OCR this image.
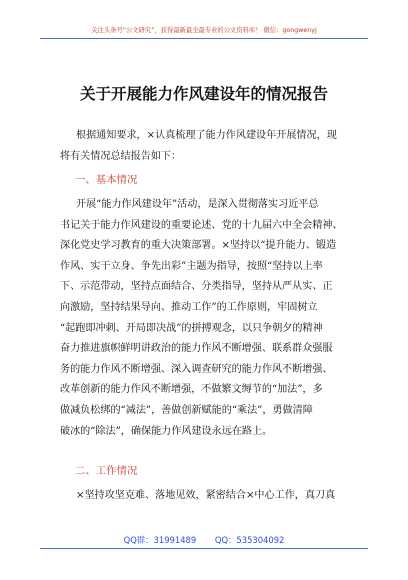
关注头条号“公文研究”，获得最新最全最专业的公文资料库！ 微信：gongwenyj
关于开展能力作风建设年的情况报告
根据通知要求，×认真梳理了能力作风建设年开展情况，现
将有关情况总结报告如下：
一、基本情况
开展“能力作风建设年”活动，是深入贯彻落实习近平总
书记关于能力作风建设的重要论述、党的十九届六中全会精神、
深化党史学习教育的重大决策部署。×坚持以“提升能力、锻造
作风、实干立身、争先出彩”主题为指导，按照“坚持以上率
下、示范带动，坚持点面结合、分类指导，坚持从严从实、正
向激励，坚持结果导向、推动工作”的工作原则，牢固树立
“起跑即冲刺、开局即决战”的拼搏观念，以只争朝夕的精神
奋力推进旗帜鲜明讲政治的能力作风不断增强、联系群众强服
务的能力作风不断增强、深入调查研究的能力作风不断增强、
改革创新的能力作风不断增强，不做繁文缛节的“加法”，多
做减负松绑的“减法”，善做创新赋能的“乘法”，勇做清障
破冰的“除法”，确保能力作风建设永远在路上。
二、工作情况
×坚持攻坚克难、落地见效，紧密结合×中心工作，真刀真
QQ群：31991489 QQ：535304092
